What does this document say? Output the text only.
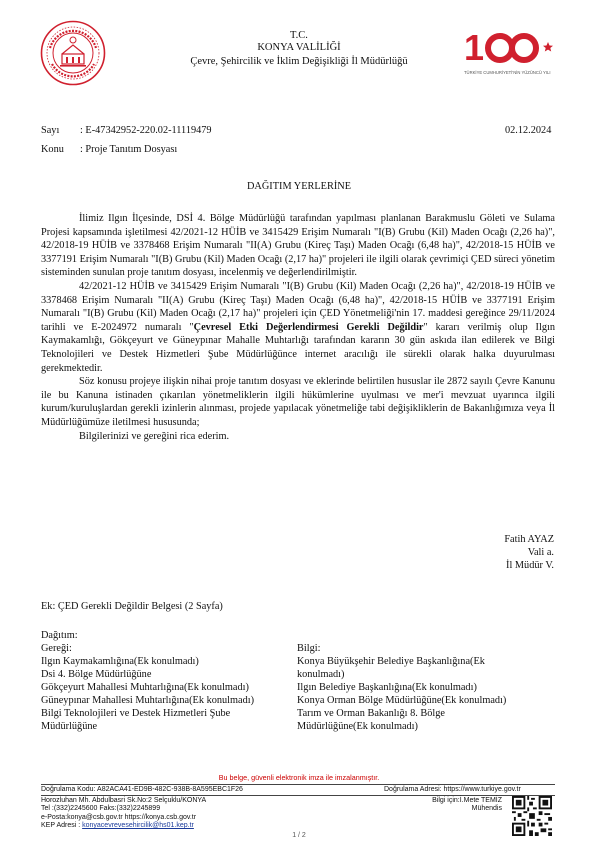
T.C.
KONYA VALİLİĞİ
Çevre, Şehircilik ve İklim Değişikliği İl Müdürlüğü	1
TÜRKİYE CUMHURİYETİ'NİN YÜZÜNCÜ YILI
Sayı : E-47342952-220.02-11119479	02.12.2024
Konu : Proje Tanıtım Dosyası
DAĞITIM YERLERİNE

İlimiz Ilgın İlçesinde, DSİ 4. Bölge Müdürlüğü tarafından yapılması planlanan Barakmuslu Göleti ve Sulama Projesi kapsamında işletilmesi 42/2021-12 HÜİB ve 3415429 Erişim Numaralı "I(B) Grubu (Kil) Maden Ocağı (2,26 ha)", 42/2018-19 HÜİB ve 3378468 Erişim Numaralı "II(A) Grubu (Kireç Taşı) Maden Ocağı (6,48 ha)", 42/2018-15 HÜİB ve 3377191 Erişim Numaralı "I(B) Grubu (Kil) Maden Ocağı (2,17 ha)" projeleri ile ilgili olarak çevrimiçi ÇED süreci yönetim sisteminden sunulan proje tanıtım dosyası, incelenmiş ve değerlendirilmiştir.

42/2021-12 HÜİB ve 3415429 Erişim Numaralı "I(B) Grubu (Kil) Maden Ocağı (2,26 ha)", 42/2018-19 HÜİB ve 3378468 Erişim Numaralı "II(A) Grubu (Kireç Taşı) Maden Ocağı (6,48 ha)", 42/2018-15 HÜİB ve 3377191 Erişim Numaralı "I(B) Grubu (Kil) Maden Ocağı (2,17 ha)" projeleri için ÇED Yönetmeliği'nin 17. maddesi gereğince 29/11/2024 tarihli ve E-2024972 numaralı "Çevresel Etki Değerlendirmesi Gerekli Değildir" kararı verilmiş olup Ilgın Kaymakamlığı, Gökçeyurt ve Güneypınar Mahalle Muhtarlığı tarafından kararın 30 gün askıda ilan edilerek ve Bilgi Teknolojileri ve Destek Hizmetleri Şube Müdürlüğünce internet aracılığı ile sürekli olarak halka duyurulması gerekmektedir.

Söz konusu projeye ilişkin nihai proje tanıtım dosyası ve eklerinde belirtilen hususlar ile 2872 sayılı Çevre Kanunu ile bu Kanuna istinaden çıkarılan yönetmeliklerin ilgili hükümlerine uyulması ve mer'i mevzuat uyarınca ilgili kurum/kuruluşlardan gerekli izinlerin alınması, projede yapılacak yönetmeliğe tabi değişikliklerin de Bakanlığımıza veya İl Müdürlüğümüze iletilmesi hususunda;

Bilgilerinizi ve gereğini rica ederim.

Fatih AYAZ
Vali a.
İl Müdür V.
Ek: ÇED Gerekli Değildir Belgesi (2 Sayfa)
Dağıtım:
Gereği:
Ilgın Kaymakamlığına(Ek konulmadı)
Dsi 4. Bölge Müdürlüğüne
Gökçeyurt Mahallesi Muhtarlığına(Ek konulmadı)
Güneypınar Mahallesi Muhtarlığına(Ek konulmadı)
Bilgi Teknolojileri ve Destek Hizmetleri Şube
Müdürlüğüne
Bilgi:
Konya Büyükşehir Belediye Başkanlığına(Ek
konulmadı)
Ilgın Belediye Başkanlığına(Ek konulmadı)
Konya Orman Bölge Müdürlüğüne(Ek konulmadı)
Tarım ve Orman Bakanlığı 8. Bölge
Müdürlüğüne(Ek konulmadı)
Bu belge, güvenli elektronik imza ile imzalanmıştır.
Doğrulama Kodu: A82ACA41-ED9B-482C-938B-8A595EBC1F26	Doğrulama Adresi: https://www.turkiye.gov.tr
Horozluhan Mh. Abdulbasri Sk.No:2 Selçuklu/KONYA
Tel :(332)2245600 Faks:(332)2245899
e-Posta:konya@csb.gov.tr https://konya.csb.gov.tr
KEP Adresi : konyacevrevesehircilik@hs01.kep.tr
Bilgi için:İ.Mete TEMİZ
Mühendis
1 / 2
